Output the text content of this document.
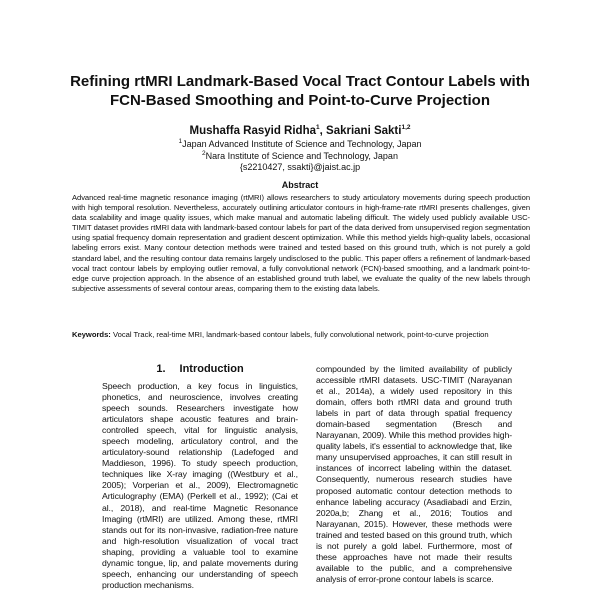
Refining rtMRI Landmark-Based Vocal Tract Contour Labels with
FCN-Based Smoothing and Point-to-Curve Projection
Mushaffa Rasyid Ridha$^1$, Sakriani Sakti$^{1,2}$
$^1$Japan Advanced Institute of Science and Technology, Japan
$^2$Nara Institute of Science and Technology, Japan
{s2210427, ssakti}@jaist.ac.jp
Abstract
Advanced real-time magnetic resonance imaging (rtMRI) allows researchers to study articulatory movements during speech production with high temporal resolution. Nevertheless, accurately outlining articulator contours in high-frame-rate rtMRI presents challenges, given data scalability and image quality issues, which make manual and automatic labeling difficult. The widely used publicly available USC-TIMIT dataset provides rtMRI data with landmark-based contour labels for part of the data derived from unsupervised region segmentation using spatial frequency domain representation and gradient descent optimization. While this method yields high-quality labels, occasional labeling errors exist. Many contour detection methods were trained and tested based on this ground truth, which is not purely a gold standard label, and the resulting contour data remains largely undisclosed to the public. This paper offers a refinement of landmark-based vocal tract contour labels by employing outlier removal, a fully convolutional network (FCN)-based smoothing, and a landmark point-to-edge curve projection approach. In the absence of an established ground truth label, we evaluate the quality of the new labels through subjective assessments of several contour areas, comparing them to the existing data labels.
Keywords: Vocal Track, real-time MRI, landmark-based contour labels, fully convolutional network, point-to-curve projection
1. Introduction
Speech production, a key focus in linguistics, phonetics, and neuroscience, involves creating speech sounds. Researchers investigate how articulators shape acoustic features and brain-controlled speech, vital for linguistic analysis, speech modeling, articulatory control, and the articulatory-sound relationship (Ladefoged and Maddieson, 1996). To study speech production, techniques like X-ray imaging ((Westbury et al., 2005); Vorperian et al., 2009), Electromagnetic Articulography (EMA) (Perkell et al., 1992); (Cai et al., 2018), and real-time Magnetic Resonance Imaging (rtMRI) are utilized. Among these, rtMRI stands out for its non-invasive, radiation-free nature and high-resolution visualization of vocal tract shaping, providing a valuable tool to examine dynamic tongue, lip, and palate movements during speech, enhancing our understanding of speech production mechanisms.
compounded by the limited availability of publicly accessible rtMRI datasets. USC-TIMIT (Narayanan et al., 2014a), a widely used repository in this domain, offers both rtMRI data and ground truth labels in part of data through spatial frequency domain-based segmentation (Bresch and Narayanan, 2009). While this method provides high-quality labels, it's essential to acknowledge that, like many unsupervised approaches, it can still result in instances of incorrect labeling within the dataset. Consequently, numerous research studies have proposed automatic contour detection methods to enhance labeling accuracy (Asadiabadi and Erzin, 2020a,b; Zhang et al., 2016; Toutios and Narayanan, 2015). However, these methods were trained and tested based on this ground truth, which is not purely a gold label. Furthermore, most of these approaches have not made their results available to the public, and a comprehensive analysis of error-prone contour labels is scarce.
